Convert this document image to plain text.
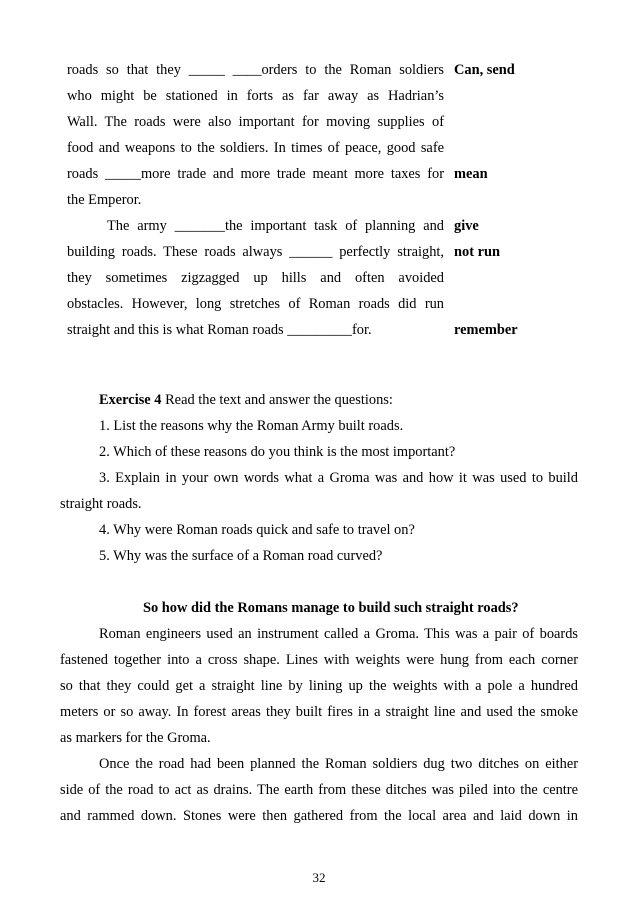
roads so that they _____ ____orders to the Roman soldiers
who might be stationed in forts as far away as Hadrian’s
Wall. The roads were also important for moving supplies of
food and weapons to the soldiers. In times of peace, good safe
roads _____more trade and more trade meant more taxes for
the Emperor.
The army _______the important task of planning and
building roads. These roads always ______ perfectly straight,
they sometimes zigzagged up hills and often avoided
obstacles. However, long stretches of Roman roads did run
straight and this is what Roman roads _________for.
Can, send
mean
give
not run
remember
Exercise 4 Read the text and answer the questions:
1. List the reasons why the Roman Army built roads.
2. Which of these reasons do you think is the most important?
3. Explain in your own words what a Groma was and how it was used to build
straight roads.
4. Why were Roman roads quick and safe to travel on?
5. Why was the surface of a Roman road curved?
So how did the Romans manage to build such straight roads?
Roman engineers used an instrument called a Groma. This was a pair of boards
fastened together into a cross shape. Lines with weights were hung from each corner
so that they could get a straight line by lining up the weights with a pole a hundred
meters or so away. In forest areas they built fires in a straight line and used the smoke
as markers for the Groma.
Once the road had been planned the Roman soldiers dug two ditches on either
side of the road to act as drains. The earth from these ditches was piled into the centre
and rammed down. Stones were then gathered from the local area and laid down in
32
